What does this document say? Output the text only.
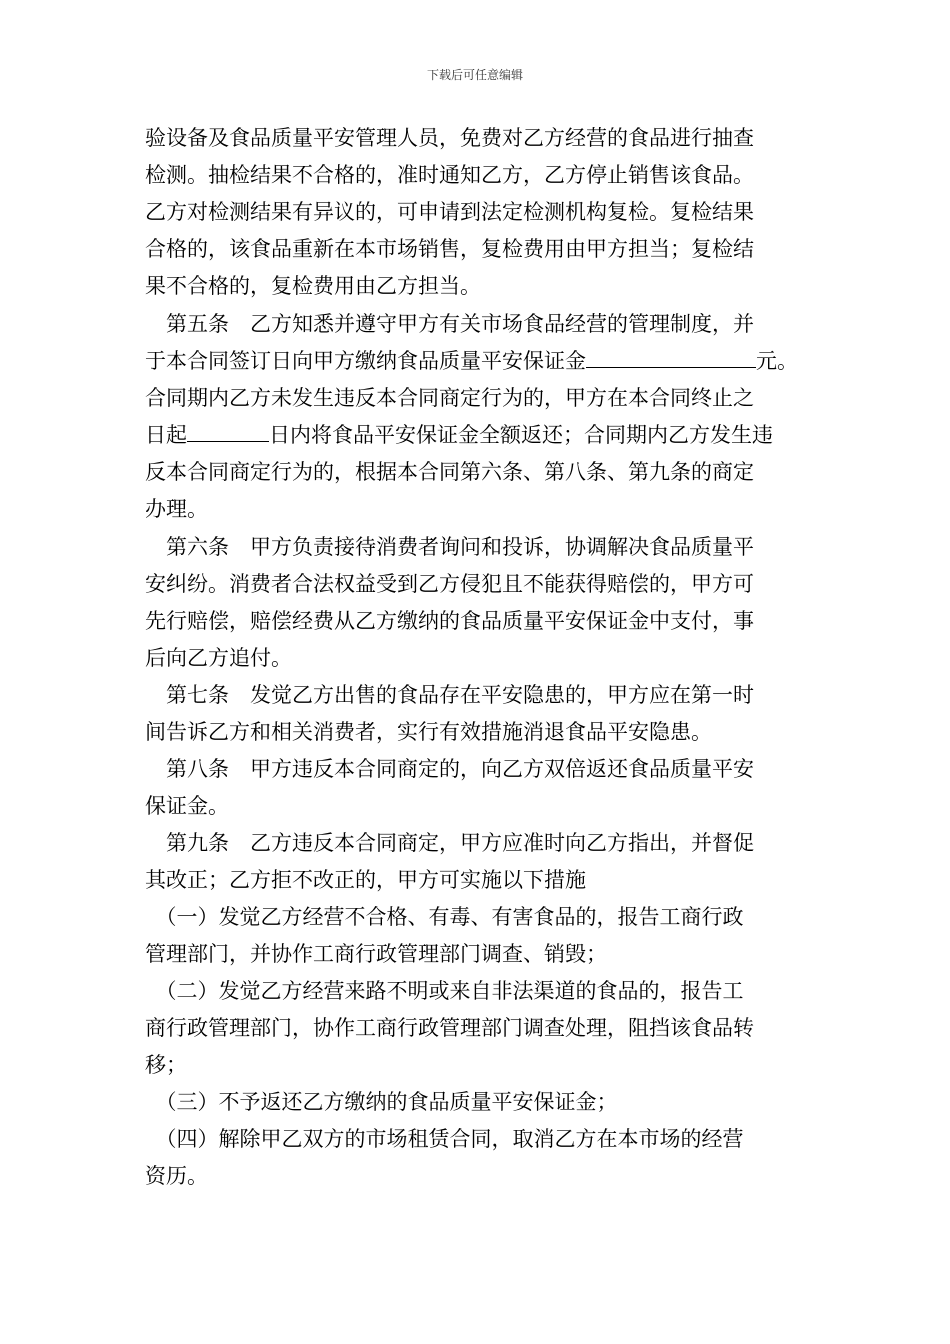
下载后可任意编辑
验设备及食品质量平安管理人员，免费对乙方经营的食品进行抽查
检测。抽检结果不合格的，准时通知乙方，乙方停止销售该食品。
乙方对检测结果有异议的，可申请到法定检测机构复检。复检结果
合格的，该食品重新在本市场销售，复检费用由甲方担当；复检结
果不合格的，复检费用由乙方担当。
　第五条　乙方知悉并遵守甲方有关市场食品经营的管理制度，并
于本合同签订日向甲方缴纳食品质量平安保证金	元。
合同期内乙方未发生违反本合同商定行为的，甲方在本合同终止之
日起	日内将食品平安保证金全额返还；合同期内乙方发生违
反本合同商定行为的，根据本合同第六条、第八条、第九条的商定
办理。
　第六条　甲方负责接待消费者询问和投诉，协调解决食品质量平
安纠纷。消费者合法权益受到乙方侵犯且不能获得赔偿的，甲方可
先行赔偿，赔偿经费从乙方缴纳的食品质量平安保证金中支付，事
后向乙方追付。
　第七条　发觉乙方出售的食品存在平安隐患的，甲方应在第一时
间告诉乙方和相关消费者，实行有效措施消退食品平安隐患。
　第八条　甲方违反本合同商定的，向乙方双倍返还食品质量平安
保证金。
　第九条　乙方违反本合同商定，甲方应准时向乙方指出，并督促
其改正；乙方拒不改正的，甲方可实施以下措施
　（一）发觉乙方经营不合格、有毒、有害食品的，报告工商行政
管理部门，并协作工商行政管理部门调查、销毁；
　（二）发觉乙方经营来路不明或来自非法渠道的食品的，报告工
商行政管理部门，协作工商行政管理部门调查处理，阻挡该食品转
移；
　（三）不予返还乙方缴纳的食品质量平安保证金；
　（四）解除甲乙双方的市场租赁合同，取消乙方在本市场的经营
资历。
